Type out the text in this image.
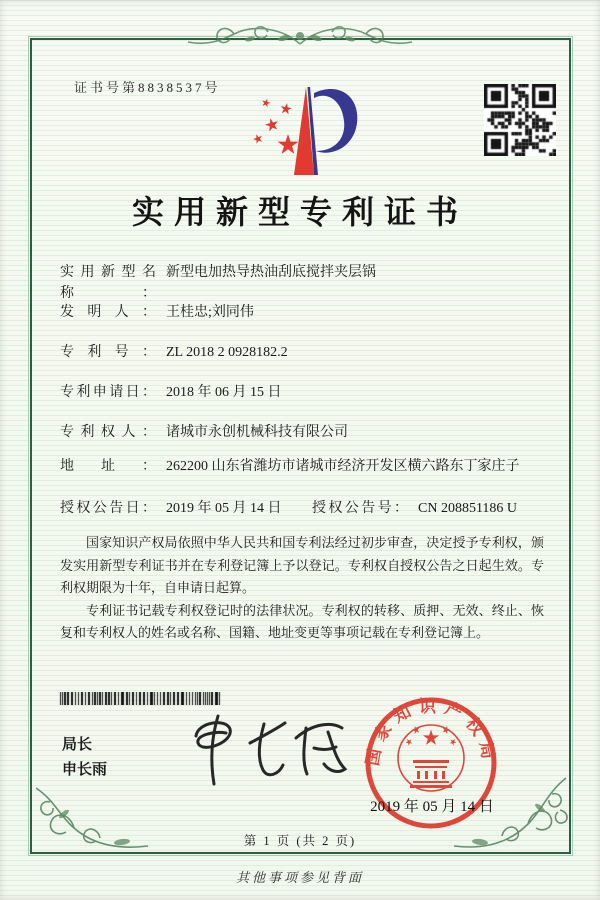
证书号第8838537号
实用新型专利证书
实用新型名称：
新型电加热导热油刮底搅拌夹层锅
发明人： 王桂忠;刘同伟
专利号： ZL 2018 2 0928182.2
专利申请日： 2018 年 06 月 15 日
专利权人： 诸城市永创机械科技有限公司
地址： 262200 山东省潍坊市诸城市经济开发区横六路东丁家庄子
授权公告日： 2019 年 05 月 14 日	授权公告号： CN 208851186 U

国家知识产权局依照中华人民共和国专利法经过初步审查，决定授予专利权，颁发实用新型专利证书并在专利登记簿上予以登记。专利权自授权公告之日起生效。专利权期限为十年，自申请日起算。

专利证书记载专利权登记时的法律状况。专利权的转移、质押、无效、终止、恢复和专利权人的姓名或名称、国籍、地址变更等事项记载在专利登记簿上。

局长
申长雨
国家知识产权局
2019 年 05 月 14 日
第 1 页 (共 2 页)
其他事项参见背面
